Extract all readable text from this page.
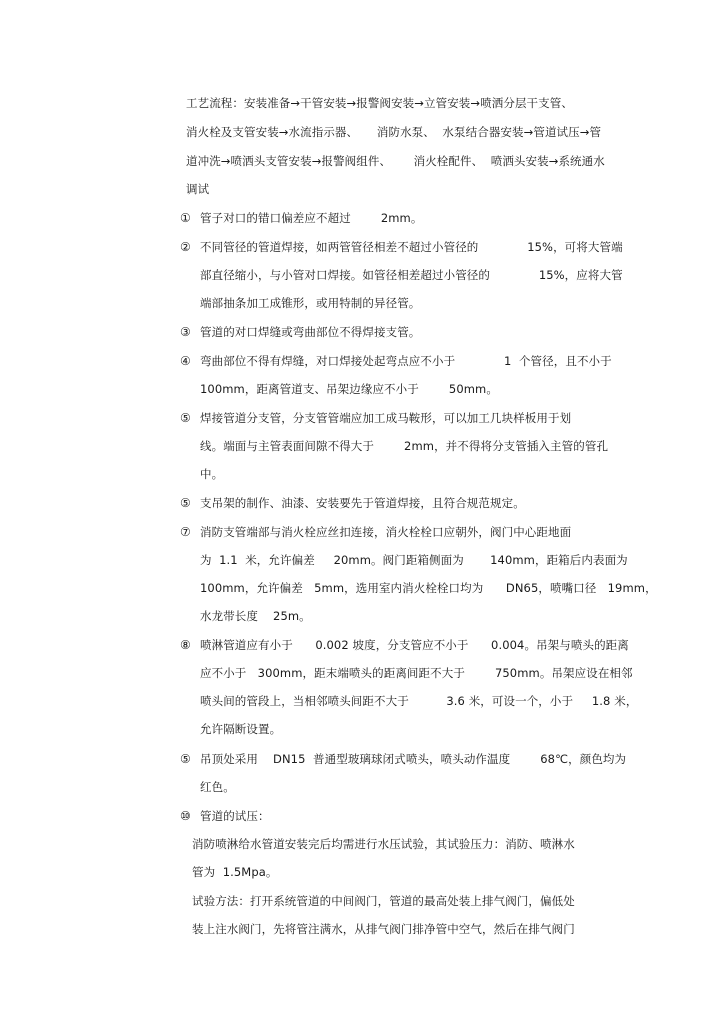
工艺流程：安装准备→干管安装→报警阀安装→立管安装→喷洒分层干支管、
消火栓及支管安装→水流指示器、     消防水泵、  水泵结合器安装→管道试压→管
道冲洗→喷洒头支管安装→报警阀组件、      消火栓配件、  喷洒头安装→系统通水
调试
① 管子对口的错口偏差应不超过        2mm。
② 不同管径的管道焊接，如两管管径相差不超过小管径的             15%，可将大管端
部直径缩小，与小管对口焊接。如管径相差超过小管径的             15%，应将大管
端部抽条加工成锥形，或用特制的异径管。
③ 管道的对口焊缝或弯曲部位不得焊接支管。
④ 弯曲部位不得有焊缝，对口焊接处起弯点应不小于             1  个管径，且不小于
100mm，距离管道支、吊架边缘应不小于        50mm。
⑤ 焊接管道分支管，分支管管端应加工成马鞍形，可以加工几块样板用于划
线。端面与主管表面间隙不得大于        2mm，并不得将分支管插入主管的管孔
中。
⑤ 支吊架的制作、油漆、安装要先于管道焊接，且符合规范规定。
⑦ 消防支管端部与消火栓应丝扣连接，消火栓栓口应朝外，阀门中心距地面
为  1.1  米，允许偏差     20mm。阀门距箱侧面为       140mm，距箱后内表面为
100mm，允许偏差   5mm，选用室内消火栓栓口均为      DN65，喷嘴口径   19mm，
水龙带长度    25m。
⑧ 喷淋管道应有小于      0.002 坡度，分支管应不小于      0.004。吊架与喷头的距离
应不小于   300mm，距末端喷头的距离间距不大于        750mm。吊架应设在相邻
喷头间的管段上，当相邻喷头间距不大于          3.6 米，可设一个，小于     1.8 米，
允许隔断设置。
⑤ 吊顶处采用    DN15  普通型玻璃球闭式喷头，喷头动作温度        68℃，颜色均为
红色。
⑩ 管道的试压：
消防喷淋给水管道安装完后均需进行水压试验，其试验压力：消防、喷淋水
管为  1.5Mpa。
试验方法：打开系统管道的中间阀门，管道的最高处装上排气阀门，偏低处
装上注水阀门，先将管注满水，从排气阀门排净管中空气，然后在排气阀门
